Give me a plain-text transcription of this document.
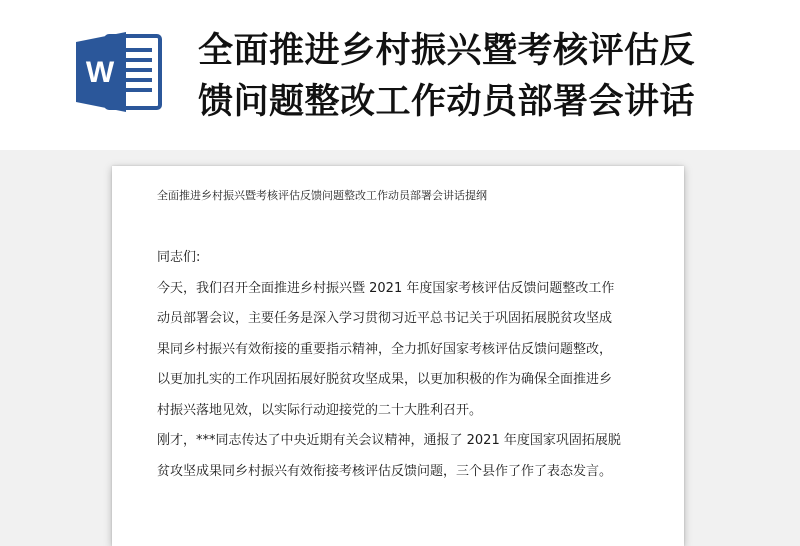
W
全面推进乡村振兴暨考核评估反
馈问题整改工作动员部署会讲话
全面推进乡村振兴暨考核评估反馈问题整改工作动员部署会讲话提纲
同志们:
今天，我们召开全面推进乡村振兴暨 2021 年度国家考核评估反馈问题整改工作
动员部署会议，主要任务是深入学习贯彻习近平总书记关于巩固拓展脱贫攻坚成
果同乡村振兴有效衔接的重要指示精神，全力抓好国家考核评估反馈问题整改，
以更加扎实的工作巩固拓展好脱贫攻坚成果，以更加积极的作为确保全面推进乡
村振兴落地见效，以实际行动迎接党的二十大胜利召开。
刚才，***同志传达了中央近期有关会议精神，通报了 2021 年度国家巩固拓展脱
贫攻坚成果同乡村振兴有效衔接考核评估反馈问题，三个县作了作了表态发言。
